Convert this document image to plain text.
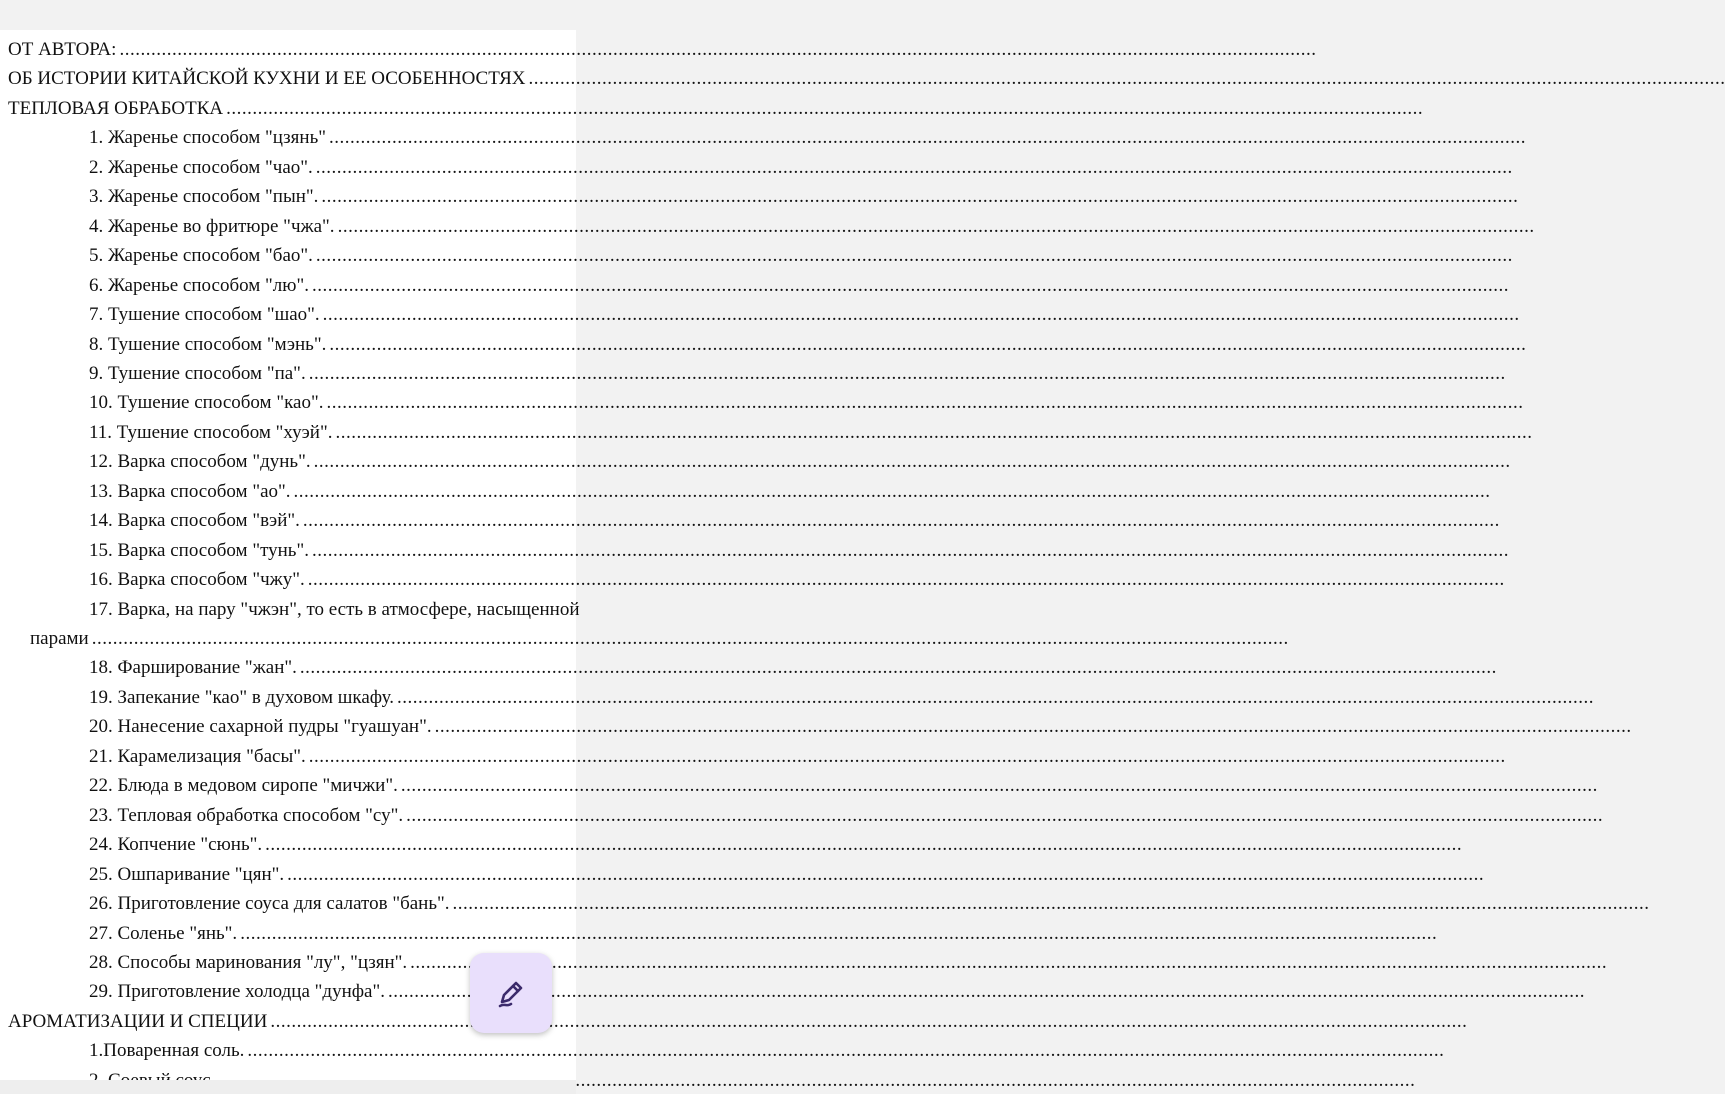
ОТ АВТОРА:
.....
ОБ ИСТОРИИ КИТАЙСКОЙ КУХНИ И ЕЕ ОСОБЕННОСТЯХ
.....
ТЕПЛОВАЯ ОБРАБОТКА
.....
1. Жаренье способом "цзянь"
.....
2. Жаренье способом "чао".
.....
3. Жаренье способом "пын".
.....
4. Жаренье во фритюре "чжа".
.....
5. Жаренье способом "бао".
.....
6. Жаренье способом "лю".
.....
7. Тушение способом "шао".
.....
8. Тушение способом "мэнь".
.....
9. Тушение способом "па".
.....
10. Тушение способом "као".
.....
11. Тушение способом "хуэй".
.....
12. Варка способом "дунь".
.....
13. Варка способом "ао".
.....
14. Варка способом "вэй".
.....
15. Варка способом "тунь".
.....
16. Варка способом "чжу".
.....
17. Варка, на пару "чжэн", то есть в атмосфере, насыщенной
парами
.....
18. Фарширование "жан".
.....
19. Запекание "као" в духовом шкафу.
.....
20. Нанесение сахарной пудры "гуашуан".
.....
21. Карамелизация "басы".
.....
22. Блюда в медовом сиропе "мичжи".
.....
23. Тепловая обработка способом "су".
.....
24. Копчение "сюнь".
.....
25. Ошпаривание "цян".
.....
26. Приготовление соуса для салатов "бань".
.....
27. Соленье "янь".
.....
28. Способы маринования "лу", "цзян".
.....
29. Приготовление холодца "дунфа".
.....
АРОМАТИЗАЦИИ И СПЕЦИИ
.....
1.Поваренная соль.
.....
.....
